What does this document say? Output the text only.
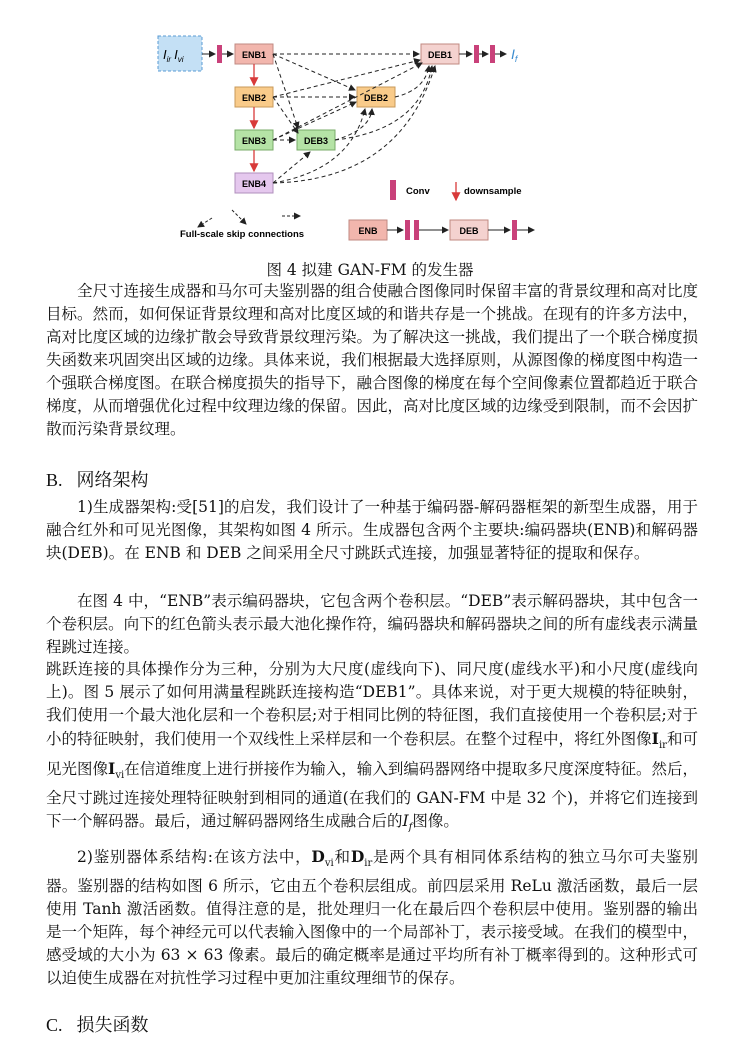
$I_{ir}$ $I_{vi}$	ENB1
ENB2
ENB3
ENB4
DEB3
DEB2
DEB1	$I_f$
Conv	downsample
Full-scale skip connections	ENB	DEB
图 4 拟建 GAN-FM 的发生器
全尺寸连接生成器和马尔可夫鉴别器的组合使融合图像同时保留丰富的背景纹理和高对比度目标。然而，如何保证背景纹理和高对比度区域的和谐共存是一个挑战。在现有的许多方法中，高对比度区域的边缘扩散会导致背景纹理污染。为了解决这一挑战，我们提出了一个联合梯度损失函数来巩固突出区域的边缘。具体来说，我们根据最大选择原则，从源图像的梯度图中构造一个强联合梯度图。在联合梯度损失的指导下，融合图像的梯度在每个空间像素位置都趋近于联合梯度，从而增强优化过程中纹理边缘的保留。因此，高对比度区域的边缘受到限制，而不会因扩散而污染背景纹理。
B. 网络架构
1)生成器架构:受[51]的启发，我们设计了一种基于编码器-解码器框架的新型生成器，用于融合红外和可见光图像，其架构如图 4 所示。生成器包含两个主要块:编码器块(ENB)和解码器块(DEB)。在 ENB 和 DEB 之间采用全尺寸跳跃式连接，加强显著特征的提取和保存。
在图 4 中，“ENB”表示编码器块，它包含两个卷积层。“DEB”表示解码器块，其中包含一个卷积层。向下的红色箭头表示最大池化操作符，编码器块和解码器块之间的所有虚线表示满量程跳过连接。
跳跃连接的具体操作分为三种，分别为大尺度(虚线向下)、同尺度(虚线水平)和小尺度(虚线向上)。图 5 展示了如何用满量程跳跃连接构造“DEB1”。具体来说，对于更大规模的特征映射，我们使用一个最大池化层和一个卷积层;对于相同比例的特征图，我们直接使用一个卷积层;对于小的特征映射，我们使用一个双线性上采样层和一个卷积层。在整个过程中，将红外图像$I_{ir}$和可见光图像$I_{vi}$在信道维度上进行拼接作为输入，输入到编码器网络中提取多尺度深度特征。然后，全尺寸跳过连接处理特征映射到相同的通道(在我们的 GAN-FM 中是 32 个)，并将它们连接到下一个解码器。最后，通过解码器网络生成融合后的$I_f$图像。
2)鉴别器体系结构:在该方法中，$D_{vi}$和$D_{ir}$是两个具有相同体系结构的独立马尔可夫鉴别器。鉴别器的结构如图 6 所示，它由五个卷积层组成。前四层采用 ReLu 激活函数，最后一层使用 Tanh 激活函数。值得注意的是，批处理归一化在最后四个卷积层中使用。鉴别器的输出是一个矩阵，每个神经元可以代表输入图像中的一个局部补丁，表示接受域。在我们的模型中，感受域的大小为 63 × 63 像素。最后的确定概率是通过平均所有补丁概率得到的。这种形式可以迫使生成器在对抗性学习过程中更加注重纹理细节的保存。
C. 损失函数
